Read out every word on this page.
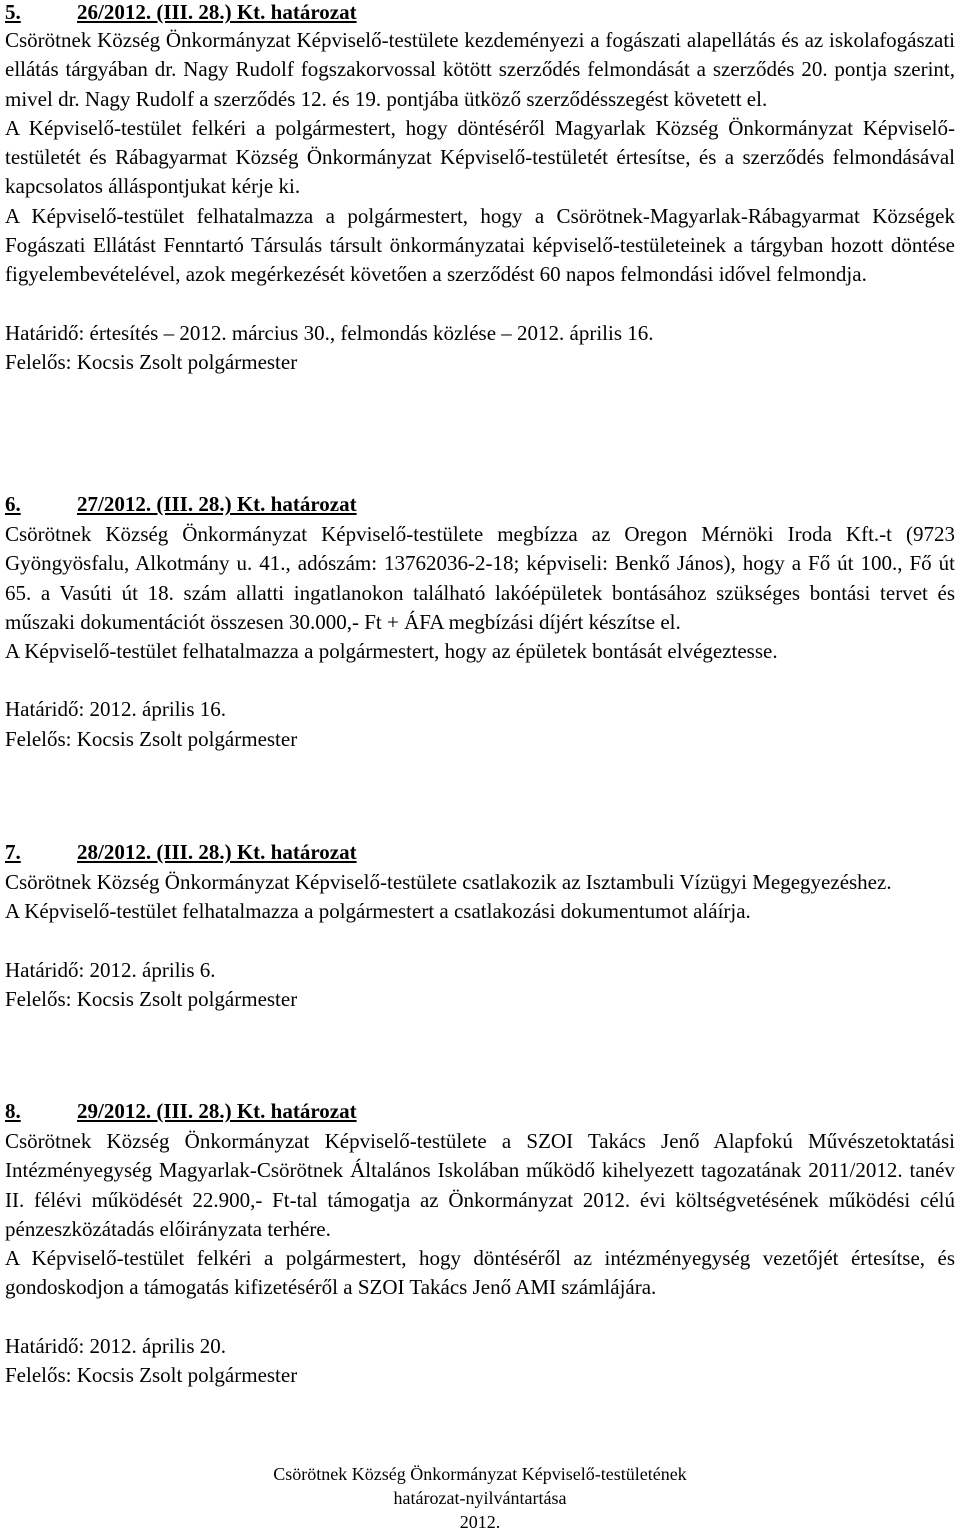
5.	26/2012. (III. 28.) Kt. határozat

Csörötnek Község Önkormányzat Képviselő-testülete kezdeményezi a fogászati alapellátás és az iskolafogászati ellátás tárgyában dr. Nagy Rudolf fogszakorvossal kötött szerződés felmondását a szerződés 20. pontja szerint, mivel dr. Nagy Rudolf a szerződés 12. és 19. pontjába ütköző szerződésszegést követett el.

A Képviselő-testület felkéri a polgármestert, hogy döntéséről Magyarlak Község Önkormányzat Képviselő-testületét és Rábagyarmat Község Önkormányzat Képviselő-testületét értesítse, és a szerződés felmondásával kapcsolatos álláspontjukat kérje ki.

A Képviselő-testület felhatalmazza a polgármestert, hogy a Csörötnek-Magyarlak-Rábagyarmat Községek Fogászati Ellátást Fenntartó Társulás társult önkormányzatai képviselő-testületeinek a tárgyban hozott döntése figyelembevételével, azok megérkezését követően a szerződést 60 napos felmondási idővel felmondja.

Határidő: értesítés – 2012. március 30., felmondás közlése – 2012. április 16.

Felelős: Kocsis Zsolt polgármester

6.	27/2012. (III. 28.) Kt. határozat

Csörötnek Község Önkormányzat Képviselő-testülete megbízza az Oregon Mérnöki Iroda Kft.-t (9723 Gyöngyösfalu, Alkotmány u. 41., adószám: 13762036-2-18; képviseli: Benkő János), hogy a Fő út 100., Fő út 65. a Vasúti út 18. szám allatti ingatlanokon található lakóépületek bontásához szükséges bontási tervet és műszaki dokumentációt összesen 30.000,- Ft + ÁFA megbízási díjért készítse el.

A Képviselő-testület felhatalmazza a polgármestert, hogy az épületek bontását elvégeztesse.

Határidő: 2012. április 16.

Felelős: Kocsis Zsolt polgármester

7.	28/2012. (III. 28.) Kt. határozat

Csörötnek Község Önkormányzat Képviselő-testülete csatlakozik az Isztambuli Vízügyi Megegyezéshez.

A Képviselő-testület felhatalmazza a polgármestert a csatlakozási dokumentumot aláírja.

Határidő: 2012. április 6.

Felelős: Kocsis Zsolt polgármester

8.	29/2012. (III. 28.) Kt. határozat

Csörötnek Község Önkormányzat Képviselő-testülete a SZOI Takács Jenő Alapfokú Művészetoktatási Intézményegység Magyarlak-Csörötnek Általános Iskolában működő kihelyezett tagozatának 2011/2012. tanév II. félévi működését 22.900,- Ft-tal támogatja az Önkormányzat 2012. évi költségvetésének működési célú pénzeszközátadás előirányzata terhére.

A Képviselő-testület felkéri a polgármestert, hogy döntéséről az intézményegység vezetőjét értesítse, és gondoskodjon a támogatás kifizetéséről a SZOI Takács Jenő AMI számlájára.

Határidő: 2012. április 20.

Felelős: Kocsis Zsolt polgármester

Csörötnek Község Önkormányzat Képviselő-testületének
határozat-nyilvántartása
2012.
